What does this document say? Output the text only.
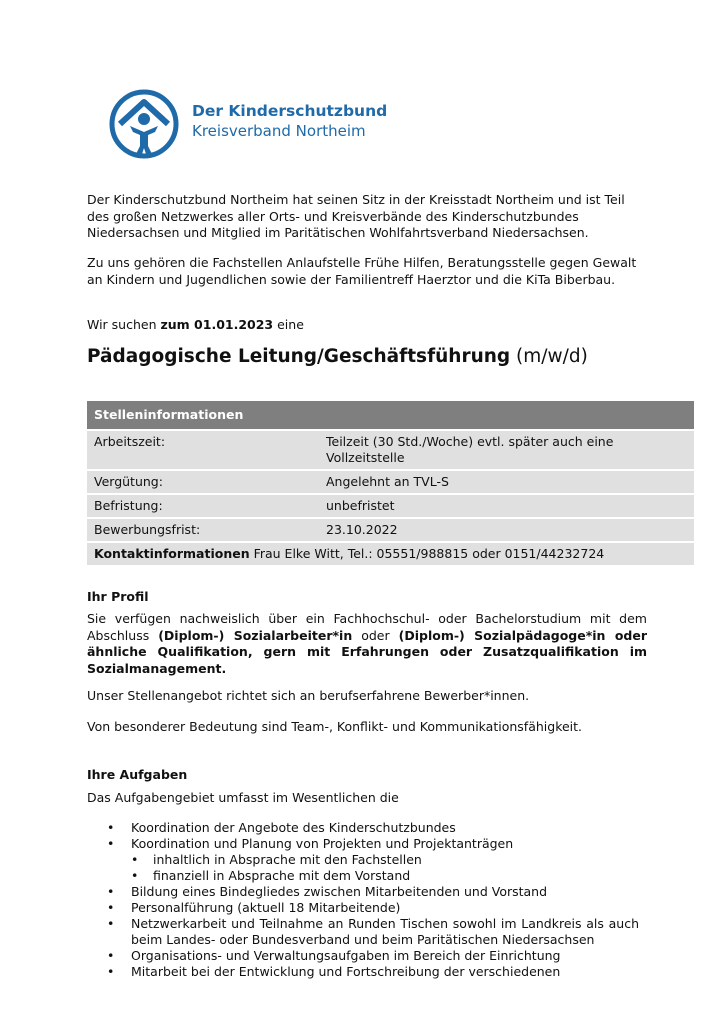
Der Kinderschutzbund
Kreisverband Northeim

Der Kinderschutzbund Northeim hat seinen Sitz in der Kreisstadt Northeim und ist Teil des großen Netzwerkes aller Orts- und Kreisverbände des Kinderschutzbundes Niedersachsen und Mitglied im Paritätischen Wohlfahrtsverband Niedersachsen.

Zu uns gehören die Fachstellen Anlaufstelle Frühe Hilfen, Beratungsstelle gegen Gewalt an Kindern und Jugendlichen sowie der Familientreff Haerztor und die KiTa Biberbau.

Wir suchen zum 01.01.2023 eine

Pädagogische Leitung/Geschäftsführung (m/w/d)
Stelleninformationen
Arbeitszeit:	Teilzeit (30 Std./Woche) evtl. später auch eine Vollzeitstelle
Vergütung:	Angelehnt an TVL-S
Befristung:	unbefristet
Bewerbungsfrist:	23.10.2022
Kontaktinformationen Frau Elke Witt, Tel.: 05551/988815 oder 0151/44232724
Ihr Profil

Sie verfügen nachweislich über ein Fachhochschul- oder Bachelorstudium mit dem Abschluss (Diplom-) Sozialarbeiter*in oder (Diplom-) Sozialpädagoge*in oder ähnliche Qualifikation, gern mit Erfahrungen oder Zusatzqualifikation im Sozialmanagement.

Unser Stellenangebot richtet sich an berufserfahrene Bewerber*innen.

Von besonderer Bedeutung sind Team-, Konflikt- und Kommunikationsfähigkeit.

Ihre Aufgaben

Das Aufgabengebiet umfasst im Wesentlichen die

• Koordination der Angebote des Kinderschutzbundes
• Koordination und Planung von Projekten und Projektanträgen
• inhaltlich in Absprache mit den Fachstellen
• finanziell in Absprache mit dem Vorstand
• Bildung eines Bindegliedes zwischen Mitarbeitenden und Vorstand
• Personalführung (aktuell 18 Mitarbeitende)
• Netzwerkarbeit und Teilnahme an Runden Tischen sowohl im Landkreis als auch beim Landes- oder Bundesverband und beim Paritätischen Niedersachsen
• Organisations- und Verwaltungsaufgaben im Bereich der Einrichtung
• Mitarbeit bei der Entwicklung und Fortschreibung der verschiedenen
